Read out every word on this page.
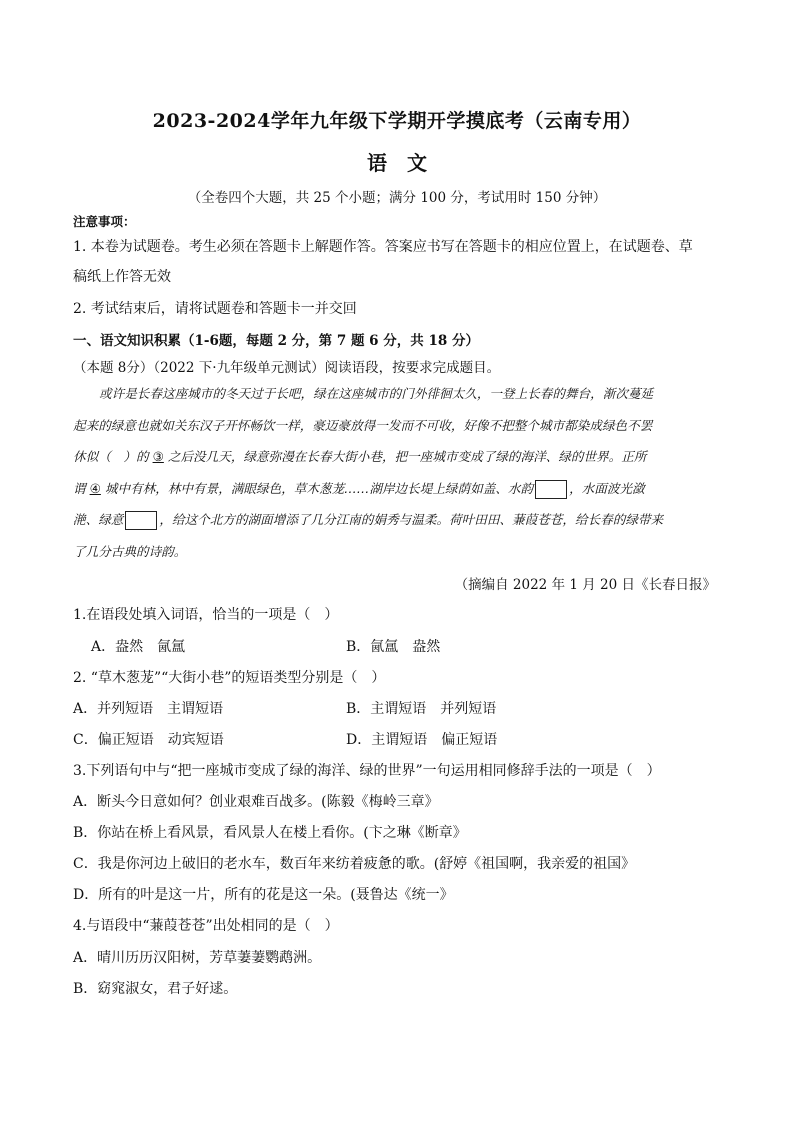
2023-2024学年九年级下学期开学摸底考（云南专用）
语　文
（全卷四个大题，共 25 个小题；满分 100 分，考试用时 150 分钟）
注意事项：
1. 本卷为试题卷。考生必须在答题卡上解题作答。答案应书写在答题卡的相应位置上，在试题卷、草
稿纸上作答无效
2. 考试结束后，请将试题卷和答题卡一并交回
一、语文知识积累（1-6题，每题 2 分，第 7 题 6 分，共 18 分）
（本题 8分）（2022 下·九年级单元测试）阅读语段，按要求完成题目。
或许是长春这座城市的冬天过于长吧，绿在这座城市的门外徘徊太久，一登上长春的舞台，渐次蔓延
起来的绿意也就如关东汉子开怀畅饮一样，豪迈豪放得一发而不可收，好像不把整个城市都染成绿色不罢
休似（　）的 ③ 之后没几天，绿意弥漫在长春大街小巷，把一座城市变成了绿的海洋、绿的世界。正所
谓 ④ 城中有林，林中有景，满眼绿色，草木葱茏……湖岸边长堤上绿荫如盖、水韵	，水面波光潋
滟、绿意	，给这个北方的湖面增添了几分江南的娟秀与温柔。荷叶田田、蒹葭苍苍，给长春的绿带来
了几分古典的诗韵。
（摘编自 2022 年 1 月 20 日《长春日报》
1.在语段处填入词语，恰当的一项是（　）
A．盎然　氤氲	B．氤氲　盎然
2. “草木葱茏”“大街小巷”的短语类型分别是（　）
A．并列短语　主谓短语	B．主谓短语　并列短语
C．偏正短语　动宾短语	D．主谓短语　偏正短语
3.下列语句中与“把一座城市变成了绿的海洋、绿的世界”一句运用相同修辞手法的一项是（　）
A．断头今日意如何？创业艰难百战多。(陈毅《梅岭三章》
B．你站在桥上看风景，看风景人在楼上看你。(卞之琳《断章》
C．我是你河边上破旧的老水车，数百年来纺着疲惫的歌。(舒婷《祖国啊，我亲爱的祖国》
D．所有的叶是这一片，所有的花是这一朵。(聂鲁达《统一》
4.与语段中“蒹葭苍苍”出处相同的是（　）
A．晴川历历汉阳树，芳草萋萋鹦鹉洲。
B．窈窕淑女，君子好逑。
